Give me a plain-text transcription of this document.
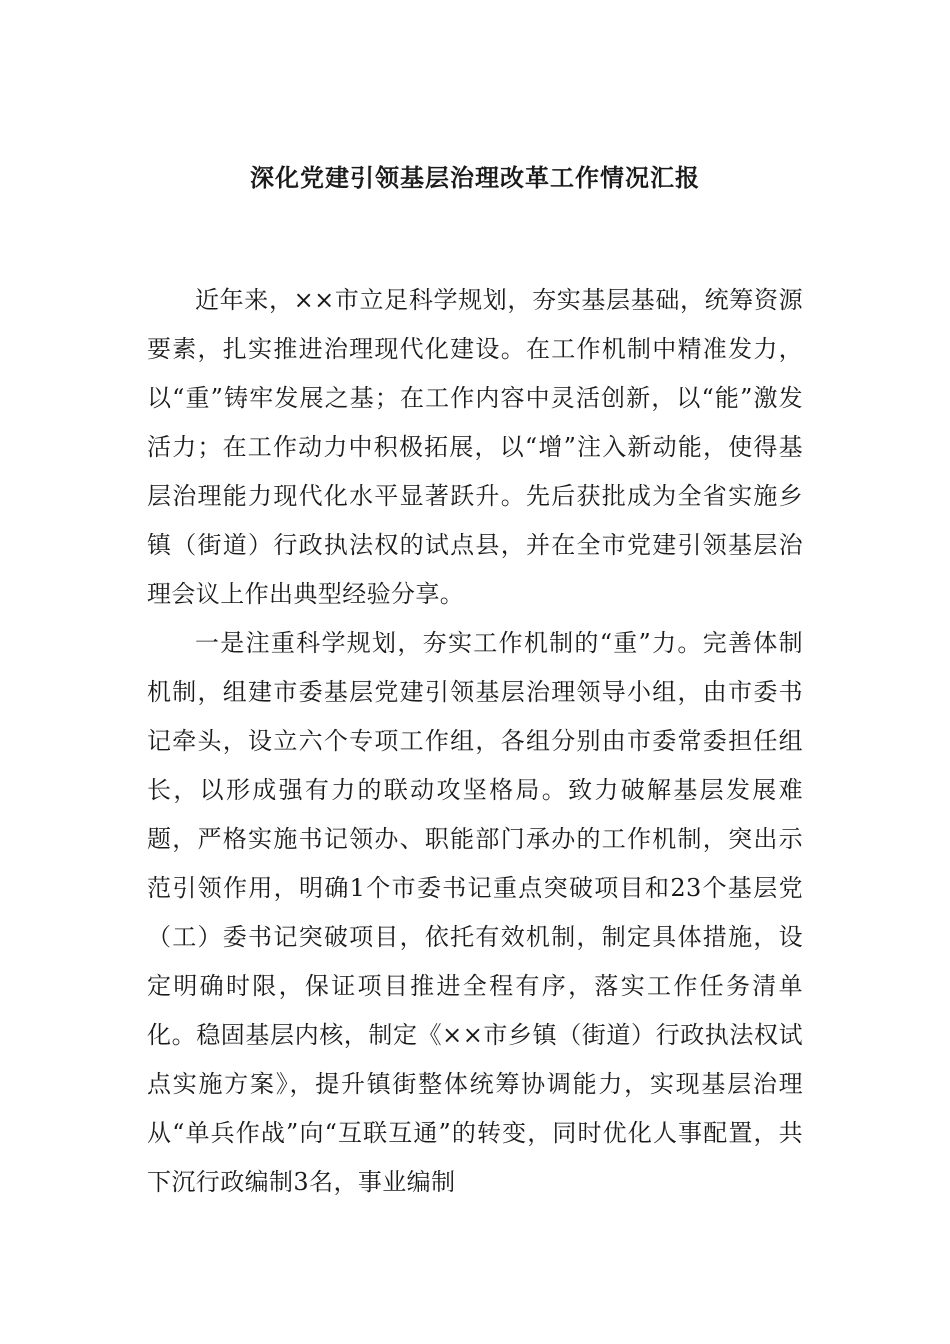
深化党建引领基层治理改革工作情况汇报

近年来，××市立足科学规划，夯实基层基础，统筹资源要素，扎实推进治理现代化建设。在工作机制中精准发力，以“重”铸牢发展之基；在工作内容中灵活创新，以“能”激发活力；在工作动力中积极拓展，以“增”注入新动能，使得基层治理能力现代化水平显著跃升。先后获批成为全省实施乡镇（街道）行政执法权的试点县，并在全市党建引领基层治理会议上作出典型经验分享。

一是注重科学规划，夯实工作机制的“重”力。完善体制机制，组建市委基层党建引领基层治理领导小组，由市委书记牵头，设立六个专项工作组，各组分别由市委常委担任组长，以形成强有力的联动攻坚格局。致力破解基层发展难题，严格实施书记领办、职能部门承办的工作机制，突出示范引领作用，明确1个市委书记重点突破项目和23个基层党（工）委书记突破项目，依托有效机制，制定具体措施，设定明确时限，保证项目推进全程有序，落实工作任务清单化。稳固基层内核，制定《××市乡镇（街道）行政执法权试点实施方案》，提升镇街整体统筹协调能力，实现基层治理从“单兵作战”向“互联互通”的转变，同时优化人事配置，共下沉行政编制3名，事业编制
